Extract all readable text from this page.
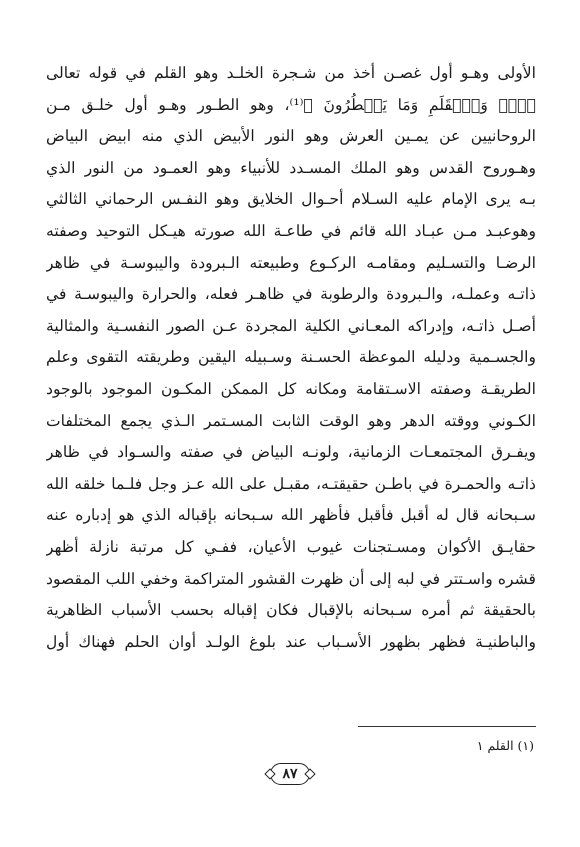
الأولى وهـو أول غصـن أخذ من شـجرة الخلـد وهو القلم في قوله تعالى
﴿نٓۚ وَٱلۡقَلَمِ وَمَا يَسۡطُرُونَ ﴾⁽¹⁾، وهو الطـور وهـو أول خلـق مـن
الروحانيين عن يمـين العرش وهو النور الأبيض الذي منه ابيض البياض
وهـوروح القدس وهو الملك المسـدد للأنبياء وهو العمـود من النور الذي
بـه يرى الإمام عليه السـلام أحـوال الخلايق وهو النفـس الرحماني الثالثي
وهوعبـد مـن عبـاد الله قائم في طاعـة الله صورته هيـكل التوحيد وصفته
الرضـا والتسـليم ومقامـه الركـوع وطبيعته الـبرودة واليبوسـة في ظاهر
ذاتـه وعملـه، والـبرودة والرطوبة في ظاهـر فعله، والحرارة واليبوسـة في
أصـل ذاتـه، وإدراكه المعـاني الكلية المجردة عـن الصور النفسـية والمثالية
والجسـمية ودليله الموعظة الحسـنة وسـبيله اليقين وطريقته التقوى وعلم
الطريقـة وصفته الاسـتقامة ومكانه كل الممكن المكـون الموجود بالوجود
الكـوني ووقته الدهر وهو الوقت الثابت المسـتمر الـذي يجمع المختلفات
ويفـرق المجتمعـات الزمانية، ولونـه البياض في صفته والسـواد في ظاهر
ذاتـه والحمـرة في باطـن حقيقتـه، مقبـل على الله عـز وجل فلـما خلقه الله
سـبحانه قال له أقبل فأقبل فأظهر الله سـبحانه بإقباله الذي هو إدباره عنه
حقايـق الأكوان ومسـتجنات غيوب الأعيان، ففـي كل مرتبة نازلة أظهر
قشره واسـتتر في لبه إلى أن ظهرت القشور المتراكمة وخفي اللب المقصود
بالحقيقة ثم أمره سـبحانه بالإقبال فكان إقباله بحسب الأسباب الظاهرية
والباطنيـة فظهر بظهور الأسـباب عند بلوغ الولـد أوان الحلم فهناك أول
(١) القلم ١
٨٧
